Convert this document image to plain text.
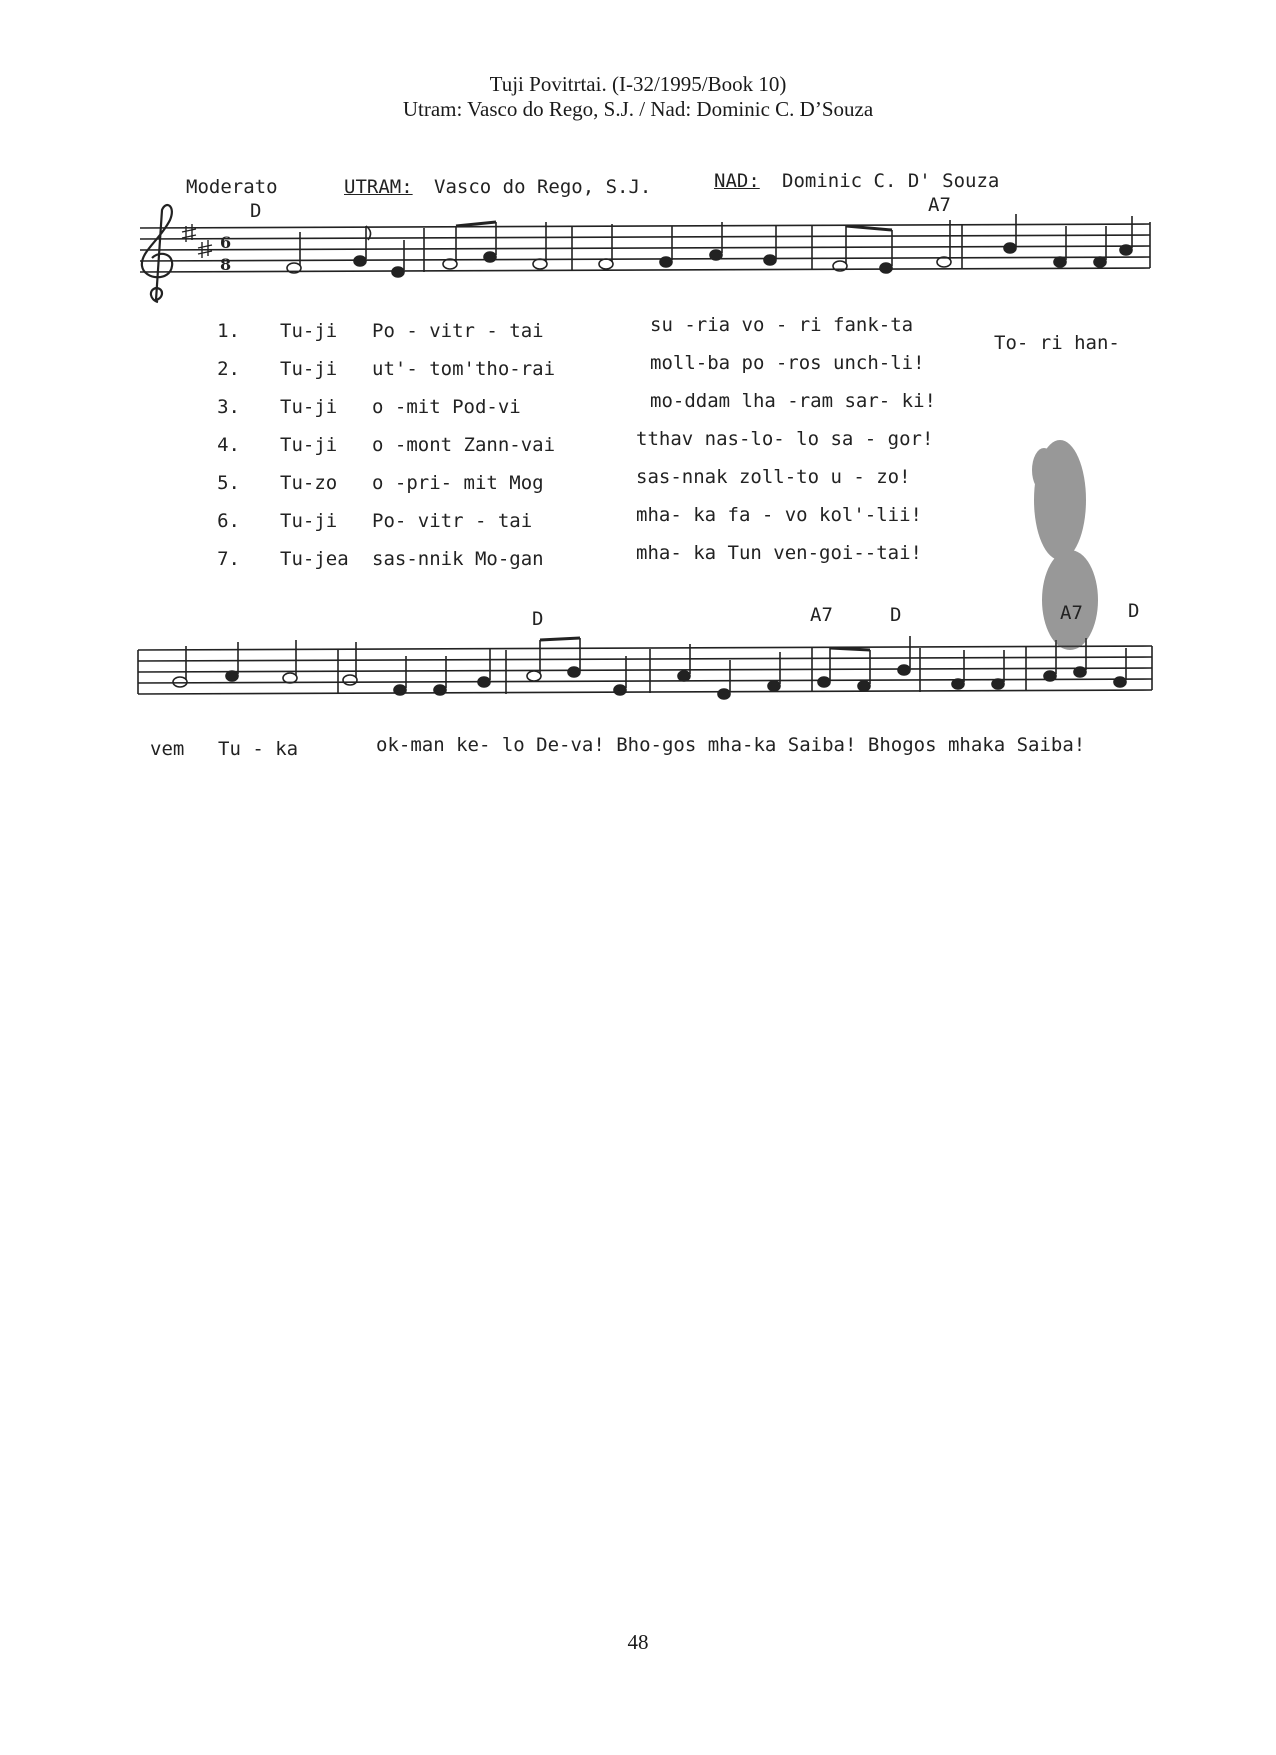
Tuji Povitrtai. (I-32/1995/Book 10)
Utram: Vasco do Rego, S.J. / Nad: Dominic C. D’Souza
Moderato	UTRAM: Vasco do Rego, S.J.	NAD: Dominic C. D' Souza
D	A7
6
8
1. Tu-ji Po - vitr - tai	su -ria vo - ri fank-ta
2. Tu-ji ut'- tom'tho-rai	moll-ba po -ros unch-li!
3. Tu-ji o -mit Pod-vi	mo-ddam lha -ram sar- ki!
4. Tu-ji o -mont Zann-vai	tthav nas-lo- lo sa - gor!
5. Tu-zo o -pri- mit Mog	sas-nnak zoll-to u - zo!
6. Tu-ji Po- vitr - tai	mha- ka fa - vo kol'-lii!
7. Tu-jea sas-nnik Mo-gan	mha- ka Tun ven-goi--tai!
To- ri han-
D	A7	D	A7 D
vem Tu - ka	ok-man ke- lo De-va! Bho-gos mha-ka Saiba! Bhogos mhaka Saiba!
48
